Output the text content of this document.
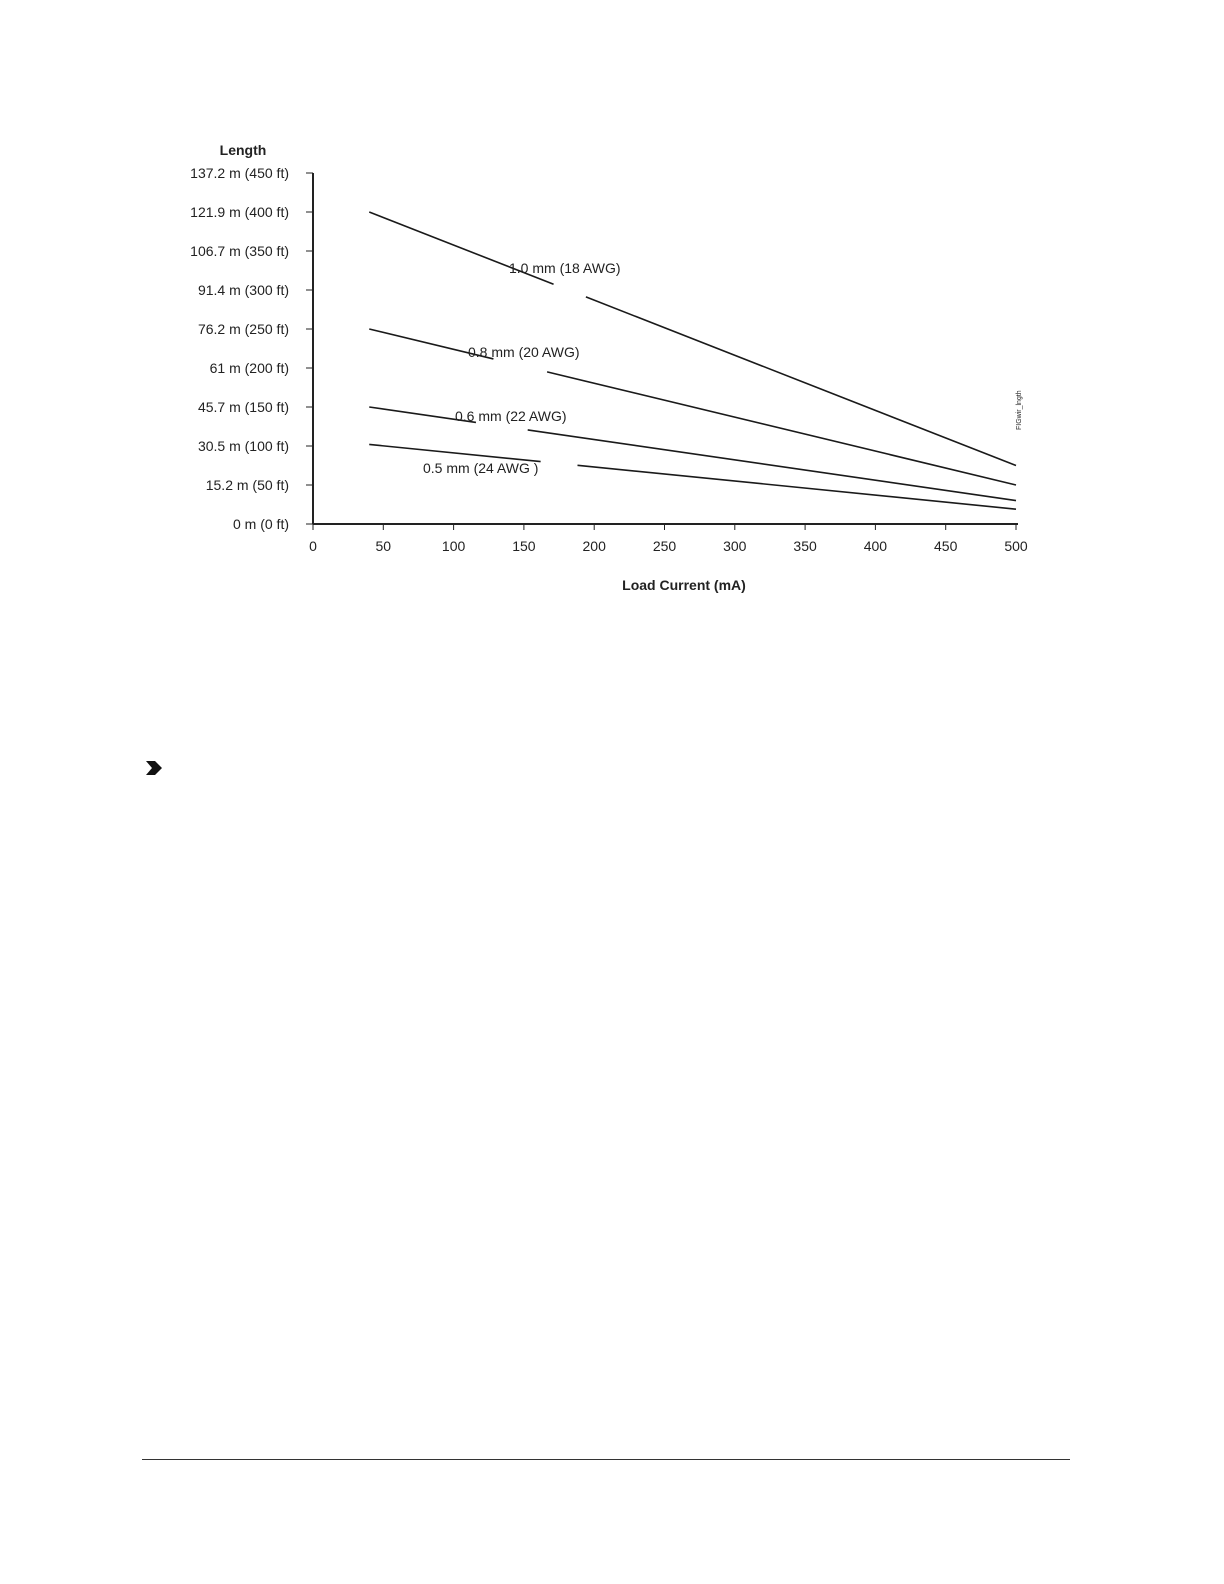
0	50	100	150	200	250	300	350	400	450	500
0 m (0 ft)
15.2 m (50 ft)
30.5 m (100 ft)
45.7 m (150 ft)
61 m (200 ft)
76.2 m (250 ft)
91.4 m (300 ft)
106.7 m (350 ft)
121.9 m (400 ft)
137.2 m (450 ft)
1.0 mm (18 AWG)
0.8 mm (20 AWG)
0.6 mm (22 AWG)
0.5 mm (24 AWG )
Length
Load Current (mA)
FIGwir_lngth
